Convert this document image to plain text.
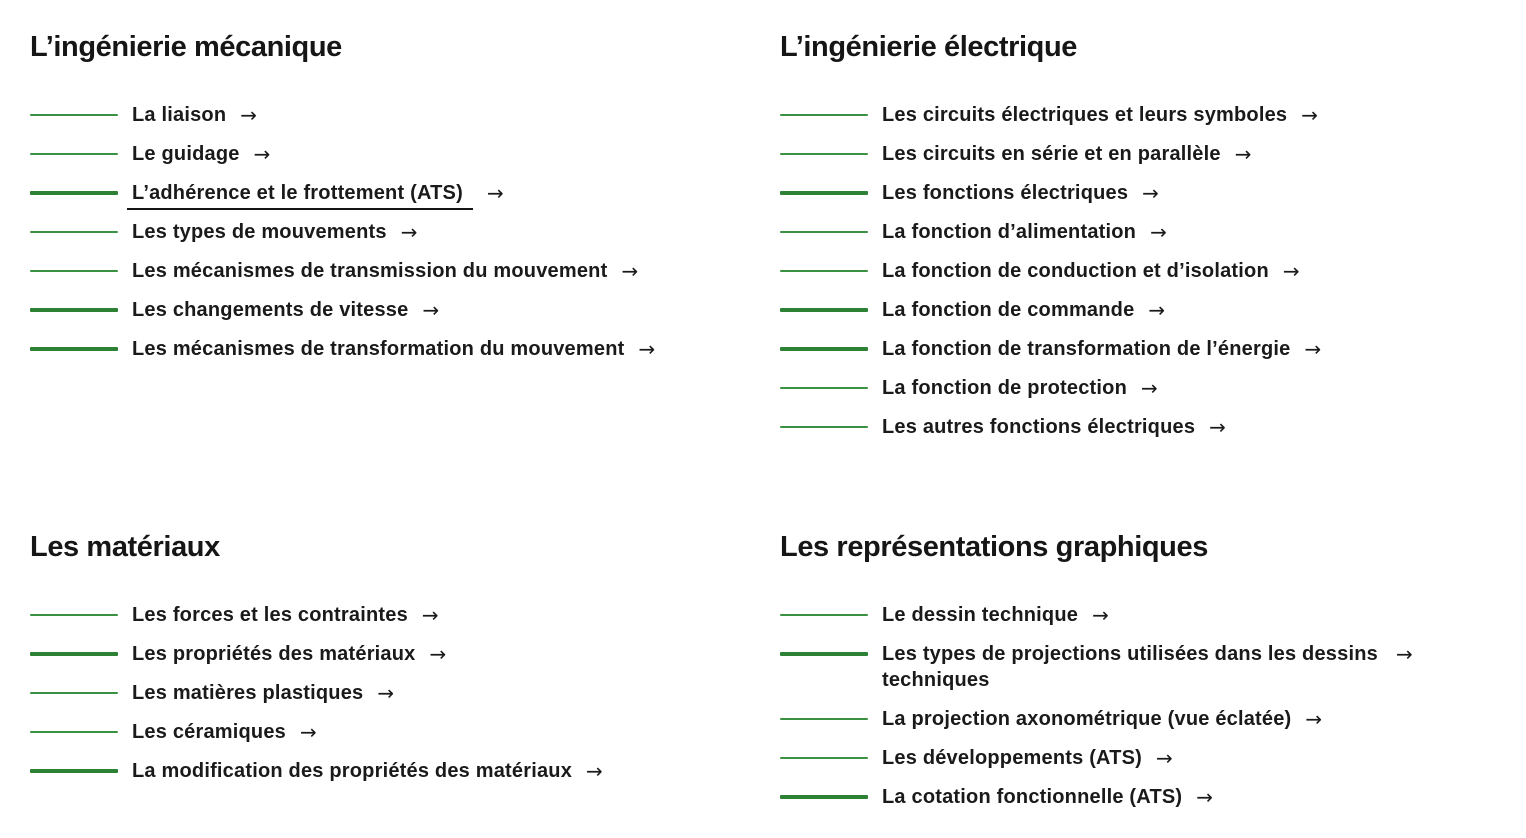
L’ingénierie mécanique
La liaison →
Le guidage →
L’adhérence et le frottement (ATS)	→
Les types de mouvements →
Les mécanismes de transmission du mouvement →
Les changements de vitesse →
Les mécanismes de transformation du mouvement →
L’ingénierie électrique
Les circuits électriques et leurs symboles →
Les circuits en série et en parallèle →
Les fonctions électriques →
La fonction d’alimentation →
La fonction de conduction et d’isolation →
La fonction de commande →
La fonction de transformation de l’énergie →
La fonction de protection →
Les autres fonctions électriques →
Les matériaux
Les forces et les contraintes →
Les propriétés des matériaux →
Les matières plastiques →
Les céramiques →
La modification des propriétés des matériaux →
Les représentations graphiques
Le dessin technique →
Les types de projections utilisées dans les dessins techniques
→
La projection axonométrique (vue éclatée) →
Les développements (ATS) →
La cotation fonctionnelle (ATS) →
